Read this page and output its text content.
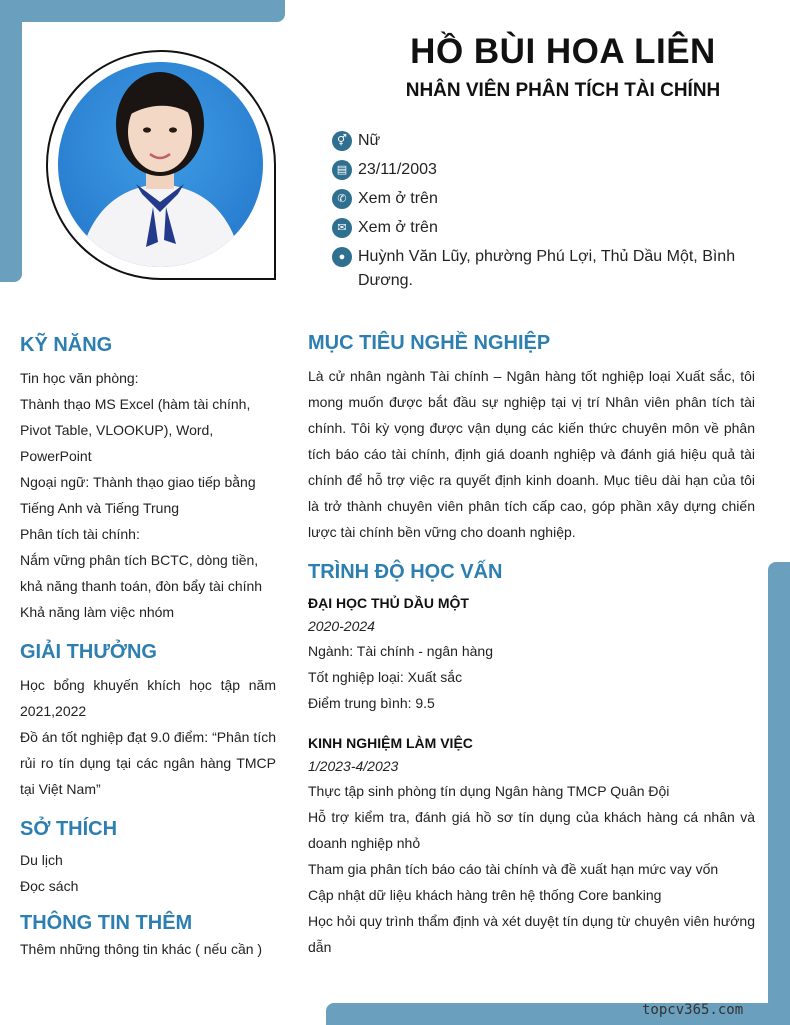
HỒ BÙI HOA LIÊN
NHÂN VIÊN PHÂN TÍCH TÀI CHÍNH
⚥ Nữ
▤ 23/11/2003
✆ Xem ở trên
✉ Xem ở trên
● Huỳnh Văn Lũy, phường Phú Lợi, Thủ Dầu Một, Bình Dương.
KỸ NĂNG
Tin học văn phòng:
Thành thạo MS Excel (hàm tài chính, Pivot Table, VLOOKUP), Word, PowerPoint
Ngoại ngữ: Thành thạo giao tiếp bằng Tiếng Anh và Tiếng Trung
Phân tích tài chính:
Nắm vững phân tích BCTC, dòng tiền, khả năng thanh toán, đòn bẩy tài chính
Khả năng làm việc nhóm
GIẢI THƯỞNG
Học bổng khuyến khích học tập năm 2021,2022
Đồ án tốt nghiệp đạt 9.0 điểm: “Phân tích rủi ro tín dụng tại các ngân hàng TMCP tại Việt Nam”
SỞ THÍCH
Du lịch
Đọc sách
THÔNG TIN THÊM
Thêm những thông tin khác ( nếu cần )
MỤC TIÊU NGHỀ NGHIỆP
Là cử nhân ngành Tài chính – Ngân hàng tốt nghiệp loại Xuất sắc, tôi mong muốn được bắt đầu sự nghiệp tại vị trí Nhân viên phân tích tài chính. Tôi kỳ vọng được vận dụng các kiến thức chuyên môn về phân tích báo cáo tài chính, định giá doanh nghiệp và đánh giá hiệu quả tài chính để hỗ trợ việc ra quyết định kinh doanh. Mục tiêu dài hạn của tôi là trở thành chuyên viên phân tích cấp cao, góp phần xây dựng chiến lược tài chính bền vững cho doanh nghiệp.
TRÌNH ĐỘ HỌC VẤN
ĐẠI HỌC THỦ DẦU MỘT
2020-2024
Ngành: Tài chính - ngân hàng
Tốt nghiệp loại: Xuất sắc
Điểm trung bình: 9.5
KINH NGHIỆM LÀM VIỆC
1/2023-4/2023
Thực tập sinh phòng tín dụng Ngân hàng TMCP Quân Đội
Hỗ trợ kiểm tra, đánh giá hồ sơ tín dụng của khách hàng cá nhân và doanh nghiệp nhỏ
Tham gia phân tích báo cáo tài chính và đề xuất hạn mức vay vốn
Cập nhật dữ liệu khách hàng trên hệ thống Core banking
Học hỏi quy trình thẩm định và xét duyệt tín dụng từ chuyên viên hướng dẫn
topcv365.com
